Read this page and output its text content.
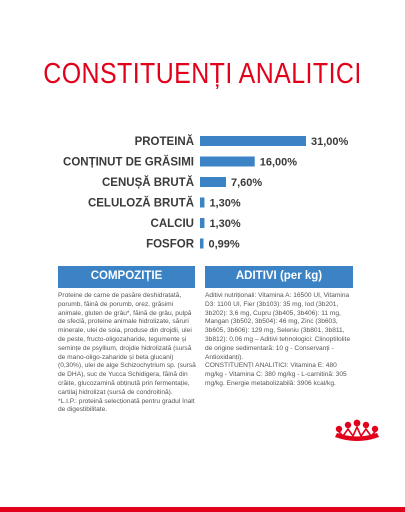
CONSTITUENȚI ANALITICI
PROTEINĂ	31,00%
CONȚINUT DE GRĂSIMI	16,00%
CENUȘĂ BRUTĂ	7,60%
CELULOZĂ BRUTĂ 1,30%
CALCIU 1,30%
FOSFOR 0,99%
COMPOZIȚIE	ADITIVI (per kg)

Proteine de carne de pasăre deshidratată, porumb, făină de porumb, orez, grăsimi animale, gluten de grâu*, făină de grâu, pulpă de sfeclă, proteine animale hidrolizate, săruri minerale, ulei de soia, produse din drojdii, ulei de peste, fructo-oligozaharide, tegumente și semințe de psyllium, drojdie hidrolizată (sursă de mano-oligo-zaharide și beta glucani) (0,30%), ulei de alge Schizochytrium sp. (sursă de DHA), suc de Yucca Schidigera, făină din crăite, glucozamină obținută prin fermentație, cartilaj hidrolizat (sursă de condroitină).

*L.I.P.: proteină selecționată pentru gradul înalt de digestibilitate.

Aditivi nutriționali: Vitamina A: 16500 UI, Vitamina D3: 1100 UI, Fier (3b103): 35 mg, Iod (3b201, 3b202): 3,6 mg, Cupru (3b405, 3b406): 11 mg, Mangan (3b502, 3b504): 46 mg, Zinc (3b603, 3b605, 3b606): 129 mg, Seleniu (3b801, 3b811, 3b812): 0,06 mg – Aditivi tehnologici: Clinoptilolite de origine sedimentară: 10 g - Conservanți - Antioxidanți).

CONSTITUENȚI ANALITICI: Vitamina E: 480 mg/kg - Vitamina C: 380 mg/kg - L-carnitină: 305 mg/kg. Energie metabolizabilă: 3906 kcal/kg.
